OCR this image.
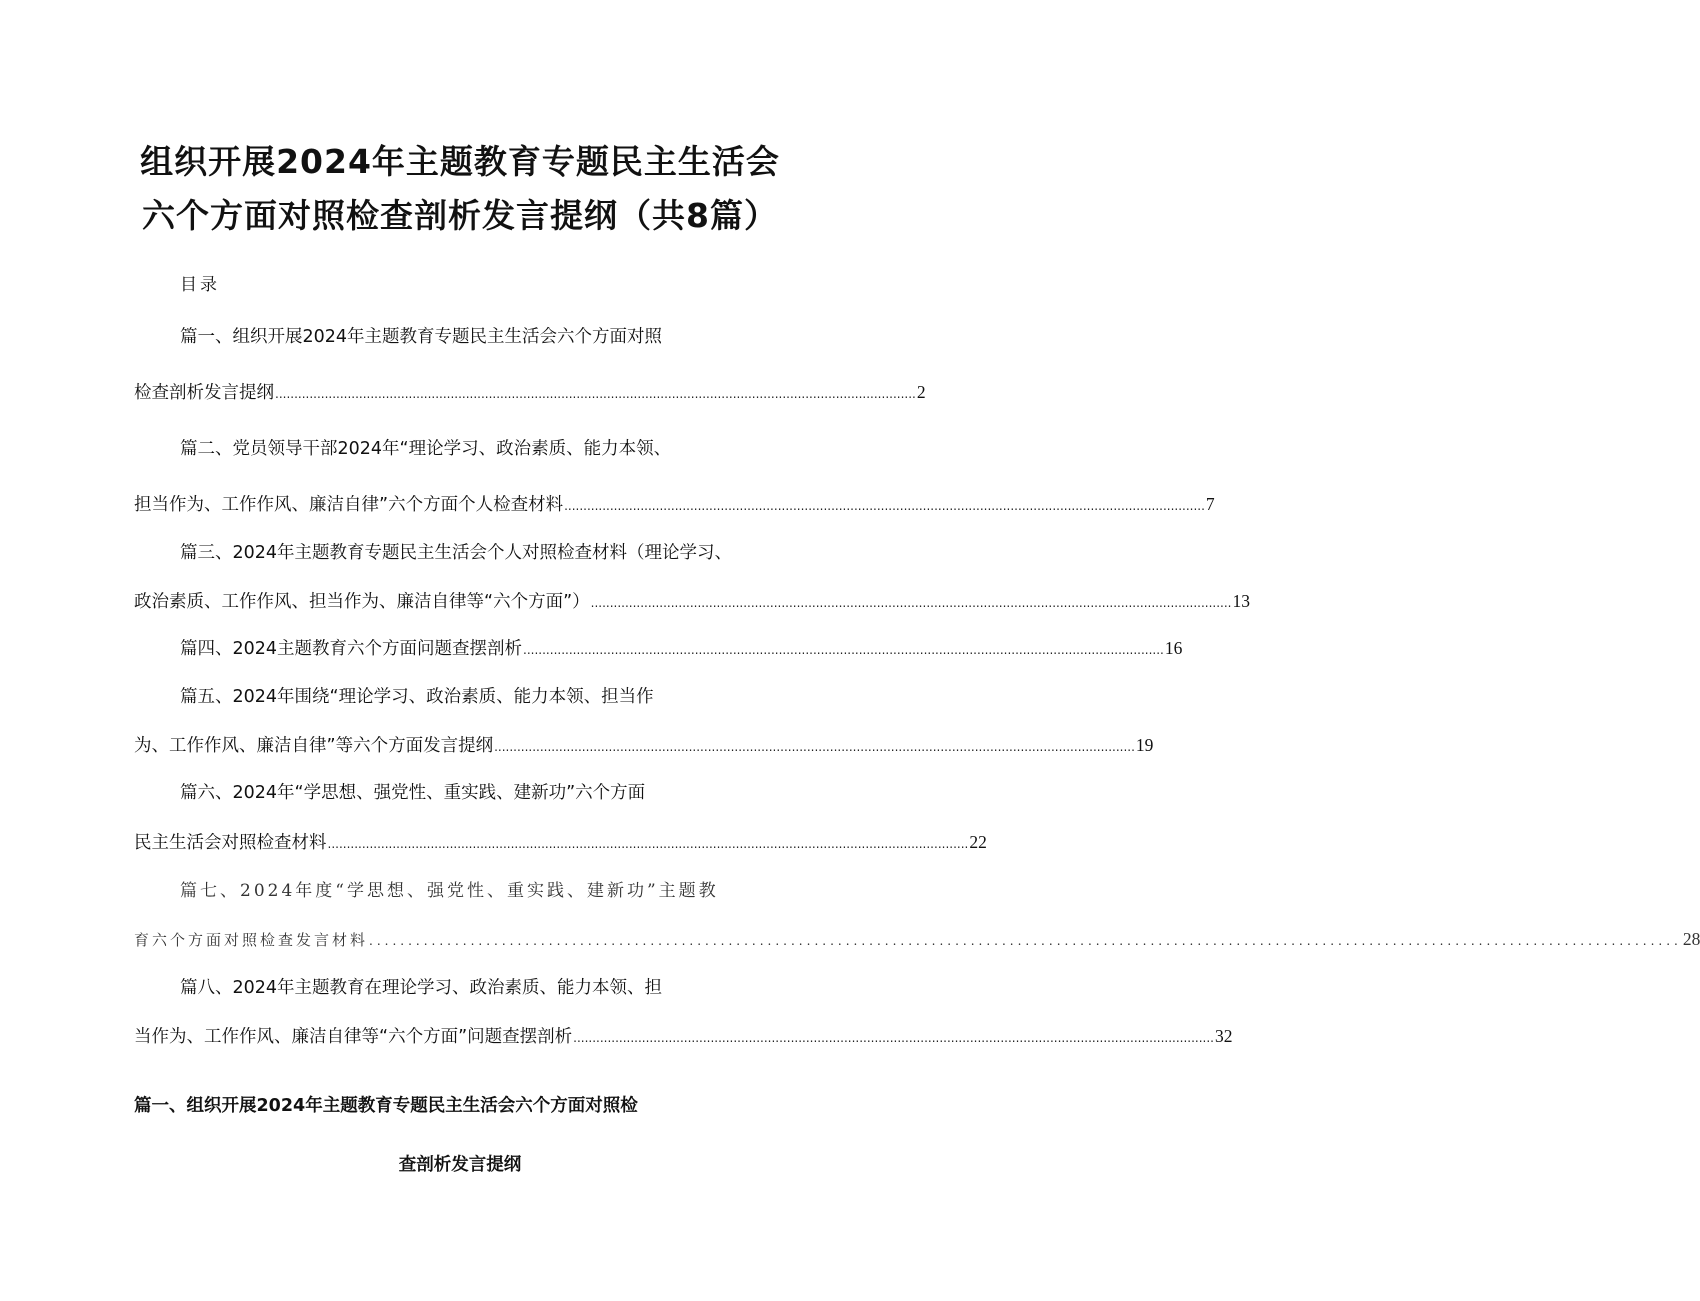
组织开展2024年主题教育专题民主生活会
六个方面对照检查剖析发言提纲（共8篇）
目录
篇一、组织开展2024年主题教育专题民主生活会六个方面对照
检查剖析发言提纲 ........................................................................................................................................................................ 2
篇二、党员领导干部2024年“理论学习、政治素质、能力本领、
担当作为、工作作风、廉洁自律”六个方面个人检查材料 ........................................................................................................................................................................ 7
篇三、2024年主题教育专题民主生活会个人对照检查材料（理论学习、
政治素质、工作作风、担当作为、廉洁自律等“六个方面”） ........................................................................................................................................................................ 13
篇四、2024主题教育六个方面问题查摆剖析 ........................................................................................................................................................................ 16
篇五、2024年围绕“理论学习、政治素质、能力本领、担当作
为、工作作风、廉洁自律”等六个方面发言提纲 ........................................................................................................................................................................ 19
篇六、2024年“学思想、强党性、重实践、建新功”六个方面
民主生活会对照检查材料 ........................................................................................................................................................................ 22
篇七、2024年度“学思想、强党性、重实践、建新功”主题教
育六个方面对照检查发言材料 ........................................................................................................................................................................ 28
篇八、2024年主题教育在理论学习、政治素质、能力本领、担
当作为、工作作风、廉洁自律等“六个方面”问题查摆剖析 ........................................................................................................................................................................ 32
篇一、组织开展2024年主题教育专题民主生活会六个方面对照检
查剖析发言提纲
